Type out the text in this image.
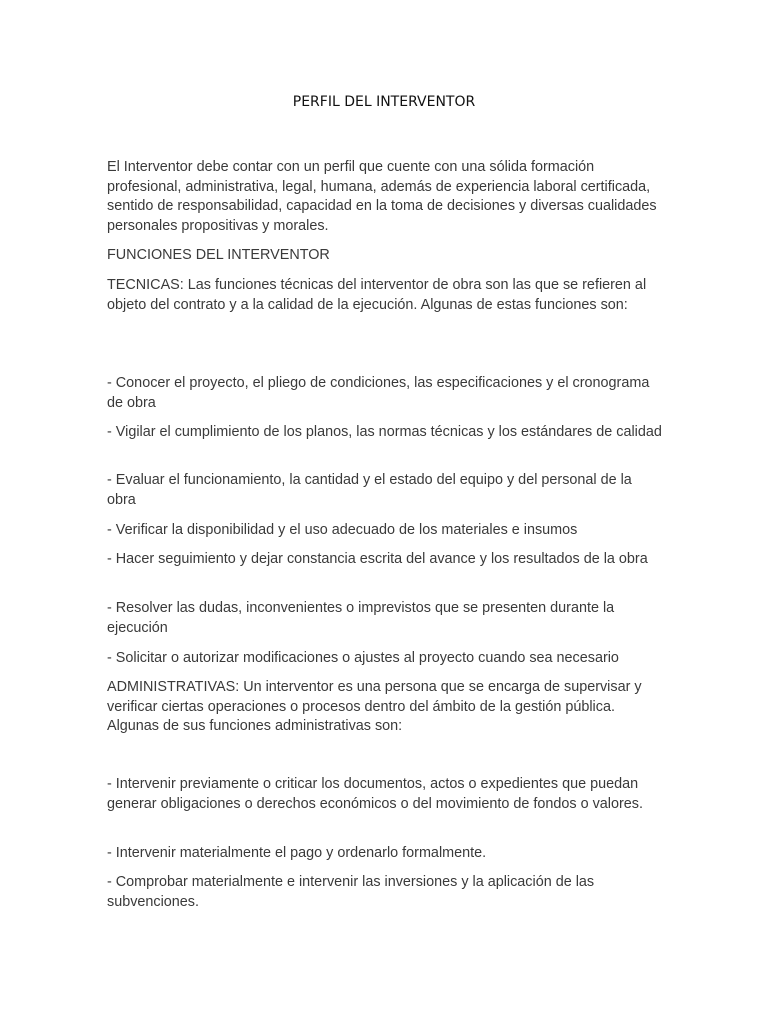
PERFIL DEL INTERVENTOR

El Interventor debe contar con un perfil que cuente con una sólida formación profesional, administrativa, legal, humana, además de experiencia laboral certificada, sentido de responsabilidad, capacidad en la toma de decisiones y diversas cualidades personales propositivas y morales.

FUNCIONES DEL INTERVENTOR

TECNICAS: Las funciones técnicas del interventor de obra son las que se refieren al objeto del contrato y a la calidad de la ejecución. Algunas de estas funciones son:

- Conocer el proyecto, el pliego de condiciones, las especificaciones y el cronograma de obra

- Vigilar el cumplimiento de los planos, las normas técnicas y los estándares de calidad

- Evaluar el funcionamiento, la cantidad y el estado del equipo y del personal de la obra

- Verificar la disponibilidad y el uso adecuado de los materiales e insumos

- Hacer seguimiento y dejar constancia escrita del avance y los resultados de la obra

- Resolver las dudas, inconvenientes o imprevistos que se presenten durante la ejecución

- Solicitar o autorizar modificaciones o ajustes al proyecto cuando sea necesario

ADMINISTRATIVAS: Un interventor es una persona que se encarga de supervisar y verificar ciertas operaciones o procesos dentro del ámbito de la gestión pública. Algunas de sus funciones administrativas son:

- Intervenir previamente o criticar los documentos, actos o expedientes que puedan generar obligaciones o derechos económicos o del movimiento de fondos o valores.

- Intervenir materialmente el pago y ordenarlo formalmente.

- Comprobar materialmente e intervenir las inversiones y la aplicación de las subvenciones.
